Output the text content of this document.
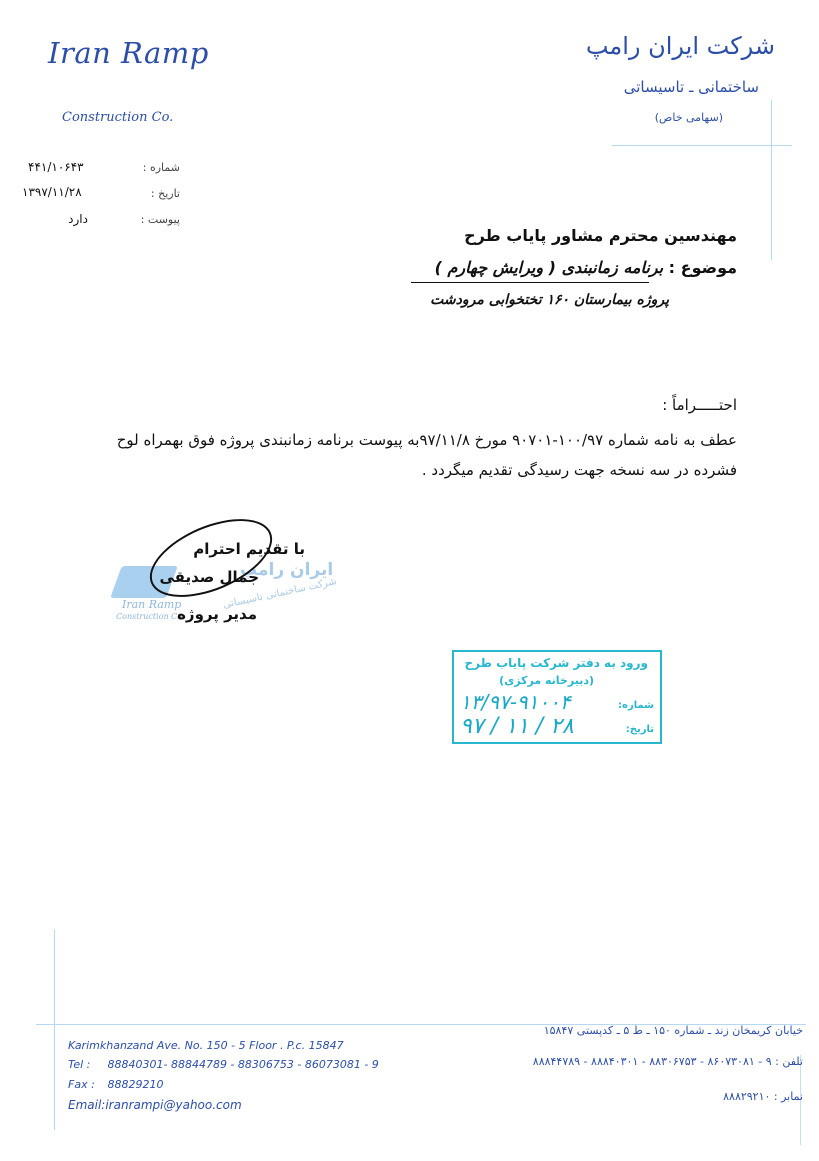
Iran Ramp
Construction Co.
شرکت ایران رامپ
ساختمانی ـ تاسیساتی
(سهامی خاص)
شماره :
۴۴۱/۱۰۶۴۳
تاریخ :
۱۳۹۷/۱۱/۲۸
پیوست :
دارد
مهندسین محترم مشاور پایاب طرح
موضوع : برنامه زمانبندی ( ویرایش چهارم )
پروژه بیمارستان ۱۶۰ تختخوابی مرودشت
احتـــــراماً :
عطف به نامه شماره ۱۰۰/۹۷-۹۰۷۰۱ مورخ ۹۷/۱۱/۸به پیوست برنامه زمانبندی پروژه فوق بهمراه لوح فشرده در سه نسخه جهت رسیدگی تقدیم میگردد .
ایران رامپ
شرکت ساختمانی تاسیساتی
Iran Ramp
Construction Co.
با تقدیم احترام
جمال صدیقی
مدیر پروژه
ورود به دفتر شرکت پایاب طرح
(دبیرخانه مرکزی)
شماره:
۱۳/۹۷-۹۱۰۰۴
تاریخ:
۹۷ / ۱۱ / ۲۸
Karimkhanzand Ave. No. 150 - 5 Floor . P.c. 15847
Tel : 88840301- 88844789 - 88306753 - 86073081 - 9
Fax : 88829210
Email:iranrampi@yahoo.com
خیابان کریمخان زند ـ شماره ۱۵۰ ـ ط ۵ ـ کدپستی ۱۵۸۴۷
تلفن : ۹ - ۸۶۰۷۳۰۸۱ - ۸۸۳۰۶۷۵۳ - ۸۸۸۴۰۳۰۱ - ۸۸۸۴۴۷۸۹
نمابر : ۸۸۸۲۹۲۱۰
